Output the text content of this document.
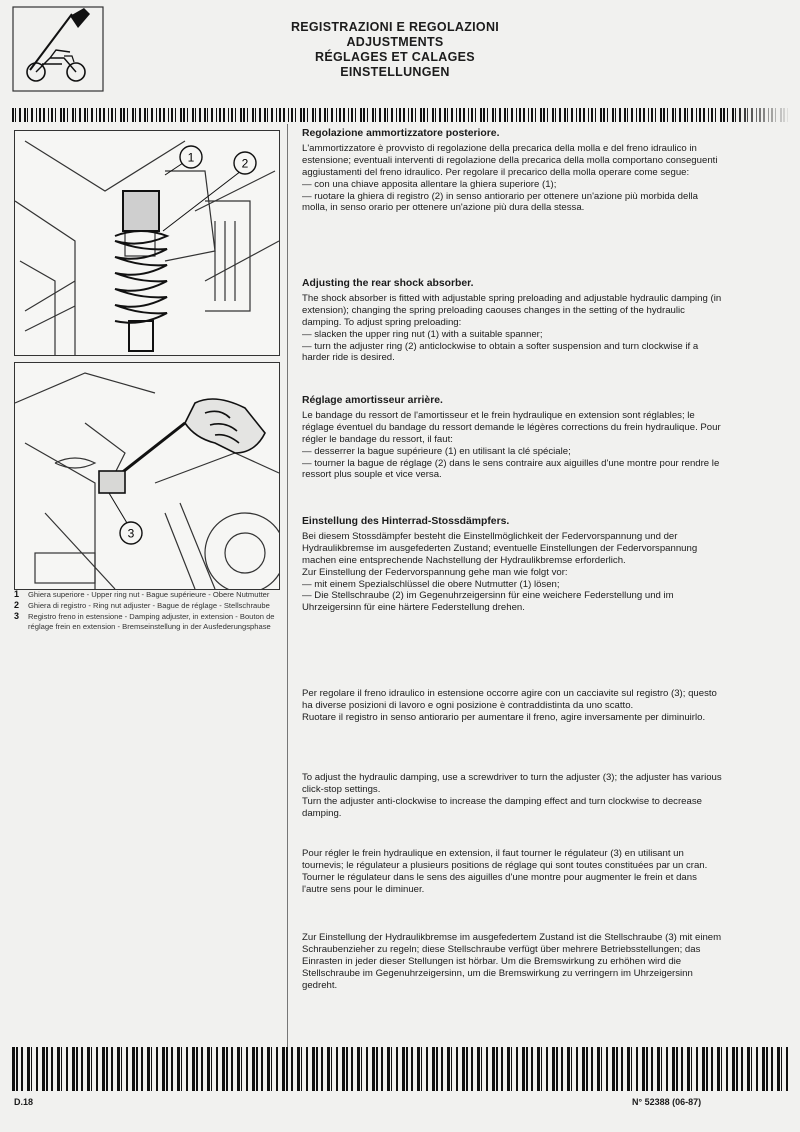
REGISTRAZIONI E REGOLAZIONI
ADJUSTMENTS
RÉGLAGES ET CALAGES
EINSTELLUNGEN
1	2
3
1 Ghiera superiore - Upper ring nut - Bague supérieure - Obere Nutmutter
2 Ghiera di registro - Ring nut adjuster - Bague de réglage - Stellschraube
3 Registro freno in estensione - Damping adjuster, in extension - Bouton de réglage frein en extension - Bremseinstellung in der Ausfederungsphase
Regolazione ammortizzatore posteriore.

L'ammortizzatore è provvisto di regolazione della precarica della molla e del freno idraulico in estensione; eventuali interventi di regolazione della precarica della molla comportano conseguenti aggiustamenti del freno idraulico. Per regolare il precarico della molla operare come segue:

— con una chiave apposita allentare la ghiera superiore (1);

— ruotare la ghiera di registro (2) in senso antiorario per ottenere un'azione più morbida della molla, in senso orario per ottenere un'azione più dura della stessa.

Adjusting the rear shock absorber.

The shock absorber is fitted with adjustable spring preloading and adjustable hydraulic damping (in extension); changing the spring preloading caouses changes in the setting of the hydraulic damping. To adjust spring preloading:

— slacken the upper ring nut (1) with a suitable spanner;

— turn the adjuster ring (2) anticlockwise to obtain a softer suspension and turn clockwise if a harder ride is desired.

Réglage amortisseur arrière.

Le bandage du ressort de l'amortisseur et le frein hydraulique en extension sont réglables; le réglage éventuel du bandage du ressort demande le légères corrections du frein hydraulique. Pour régler le bandage du ressort, il faut:

— desserrer la bague supérieure (1) en utilisant la clé spéciale;

— tourner la bague de réglage (2) dans le sens contraire aux aiguilles d'une montre pour rendre le ressort plus souple et vice versa.

Einstellung des Hinterrad-Stossdämpfers.

Bei diesem Stossdämpfer besteht die Einstellmöglichkeit der Federvorspannung und der Hydraulikbremse im ausgefederten Zustand; eventuelle Einstellungen der Federvorspannung machen eine entsprechende Nachstellung der Hydraulikbremse erforderlich.

Zur Einstellung der Federvorspannung gehe man wie folgt vor:

— mit einem Spezialschlüssel die obere Nutmutter (1) lösen;

— Die Stellschraube (2) im Gegenuhrzeigersinn für eine weichere Federstellung und im Uhrzeigersinn für eine härtere Federstellung drehen.

Per regolare il freno idraulico in estensione occorre agire con un cacciavite sul registro (3); questo ha diverse posizioni di lavoro e ogni posizione è contraddistinta da uno scatto.

Ruotare il registro in senso antiorario per aumentare il freno, agire inversamente per diminuirlo.

To adjust the hydraulic damping, use a screwdriver to turn the adjuster (3); the adjuster has various click-stop settings.

Turn the adjuster anti-clockwise to increase the damping effect and turn clockwise to decrease damping.

Pour régler le frein hydraulique en extension, il faut tourner le régulateur (3) en utilisant un tournevis; le régulateur a plusieurs positions de réglage qui sont toutes constituées par un cran.

Tourner le régulateur dans le sens des aiguilles d'une montre pour augmenter le frein et dans l'autre sens pour le diminuer.

Zur Einstellung der Hydraulikbremse im ausgefedertem Zustand ist die Stellschraube (3) mit einem Schraubenzieher zu regeln; diese Stellschraube verfügt über mehrere Betriebsstellungen; das Einrasten in jeder dieser Stellungen ist hörbar. Um die Bremswirkung zu erhöhen wird die Stellschraube im Gegenuhrzeigersinn, um die Bremswirkung zu verringern im Uhrzeigersinn gedreht.

D.18	N° 52388 (06-87)
